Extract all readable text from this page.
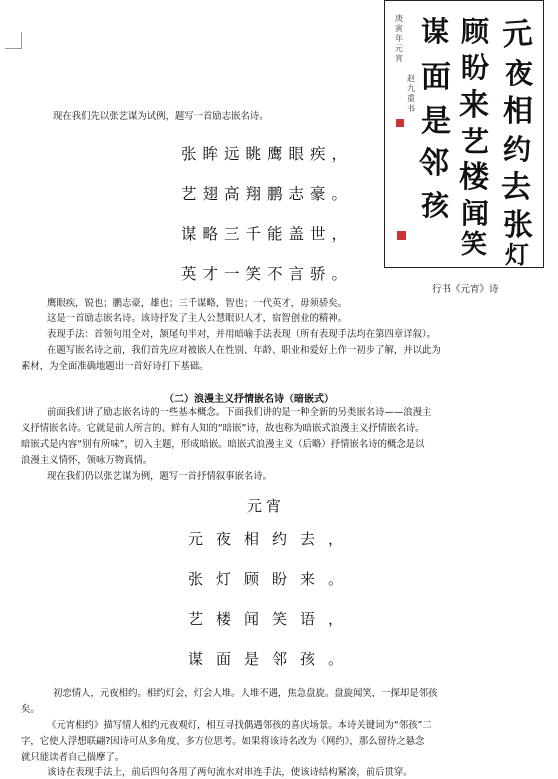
元
夜
相
约
去
张
灯
顾
盼
来
艺
楼
闻
笑
谋
面
是
邻
孩
庚
寅
年
元
宵
赵
九
重
书
行书《元宵》诗
现在我们先以张艺谋为试例，题写一首励志嵌名诗。
张眸远眺鹰眼疾，
艺翅高翔鹏志豪。
谋略三千能盖世，
英才一笑不言骄。
鹰眼疾，锐也；鹏志豪，雄也；三千谋略，智也；一代英才，毋须骄矣。
这是一首励志嵌名诗。该诗抒发了主人公慧眼识人才，宿智创业的精神。
表现手法：首领句用全对，颔尾句半对，并用暗喻手法表现（所有表现手法均在第四章详叙）。
在题写嵌名诗之前，我们首先应对被嵌人在性别、年龄、职业和爱好上作一初步了解，并以此为
素材，为全面准确地题出一首好诗打下基础。
（二）浪漫主义抒情嵌名诗（暗嵌式）
前面我们讲了励志嵌名诗的一些基本概念。下面我们讲的是一种全新的另类嵌名诗——浪漫主
义抒情嵌名诗。它就是前人所言的、鲜有人知的“暗嵌”诗，故也称为暗嵌式浪漫主义抒情嵌名诗。
暗嵌式是内容“别有所味”，切入主题，形成暗嵌。暗嵌式浪漫主义（后略）抒情嵌名诗的概念是以
浪漫主义情怀，领咏万物真情。
现在我们仍以张艺谋为例，题写一首抒情叙事嵌名诗。
元宵
元夜相约去，
张灯顾盼来。
艺楼闻笑语，
谋面是邻孩。
初恋情人，元夜相约。相约灯会，灯会人堆。人堆不遇，焦急盘旋。盘旋闻笑，一探却是邻孩
矣。
《元宵相约》描写情人相约元夜观灯，相互寻找偶遇邻孩的喜庆场景。本诗关键词为“邻孩”二
字，它使人浮想联翩?因诗可从多角度、多方位思考。如果将该诗名改为《网约》，那么留待之悬念
就只能读者自己揣摩了。
该诗在表现手法上，前后四句各用了两句流水对串连手法，使该诗结构紧凑，前后贯穿。
